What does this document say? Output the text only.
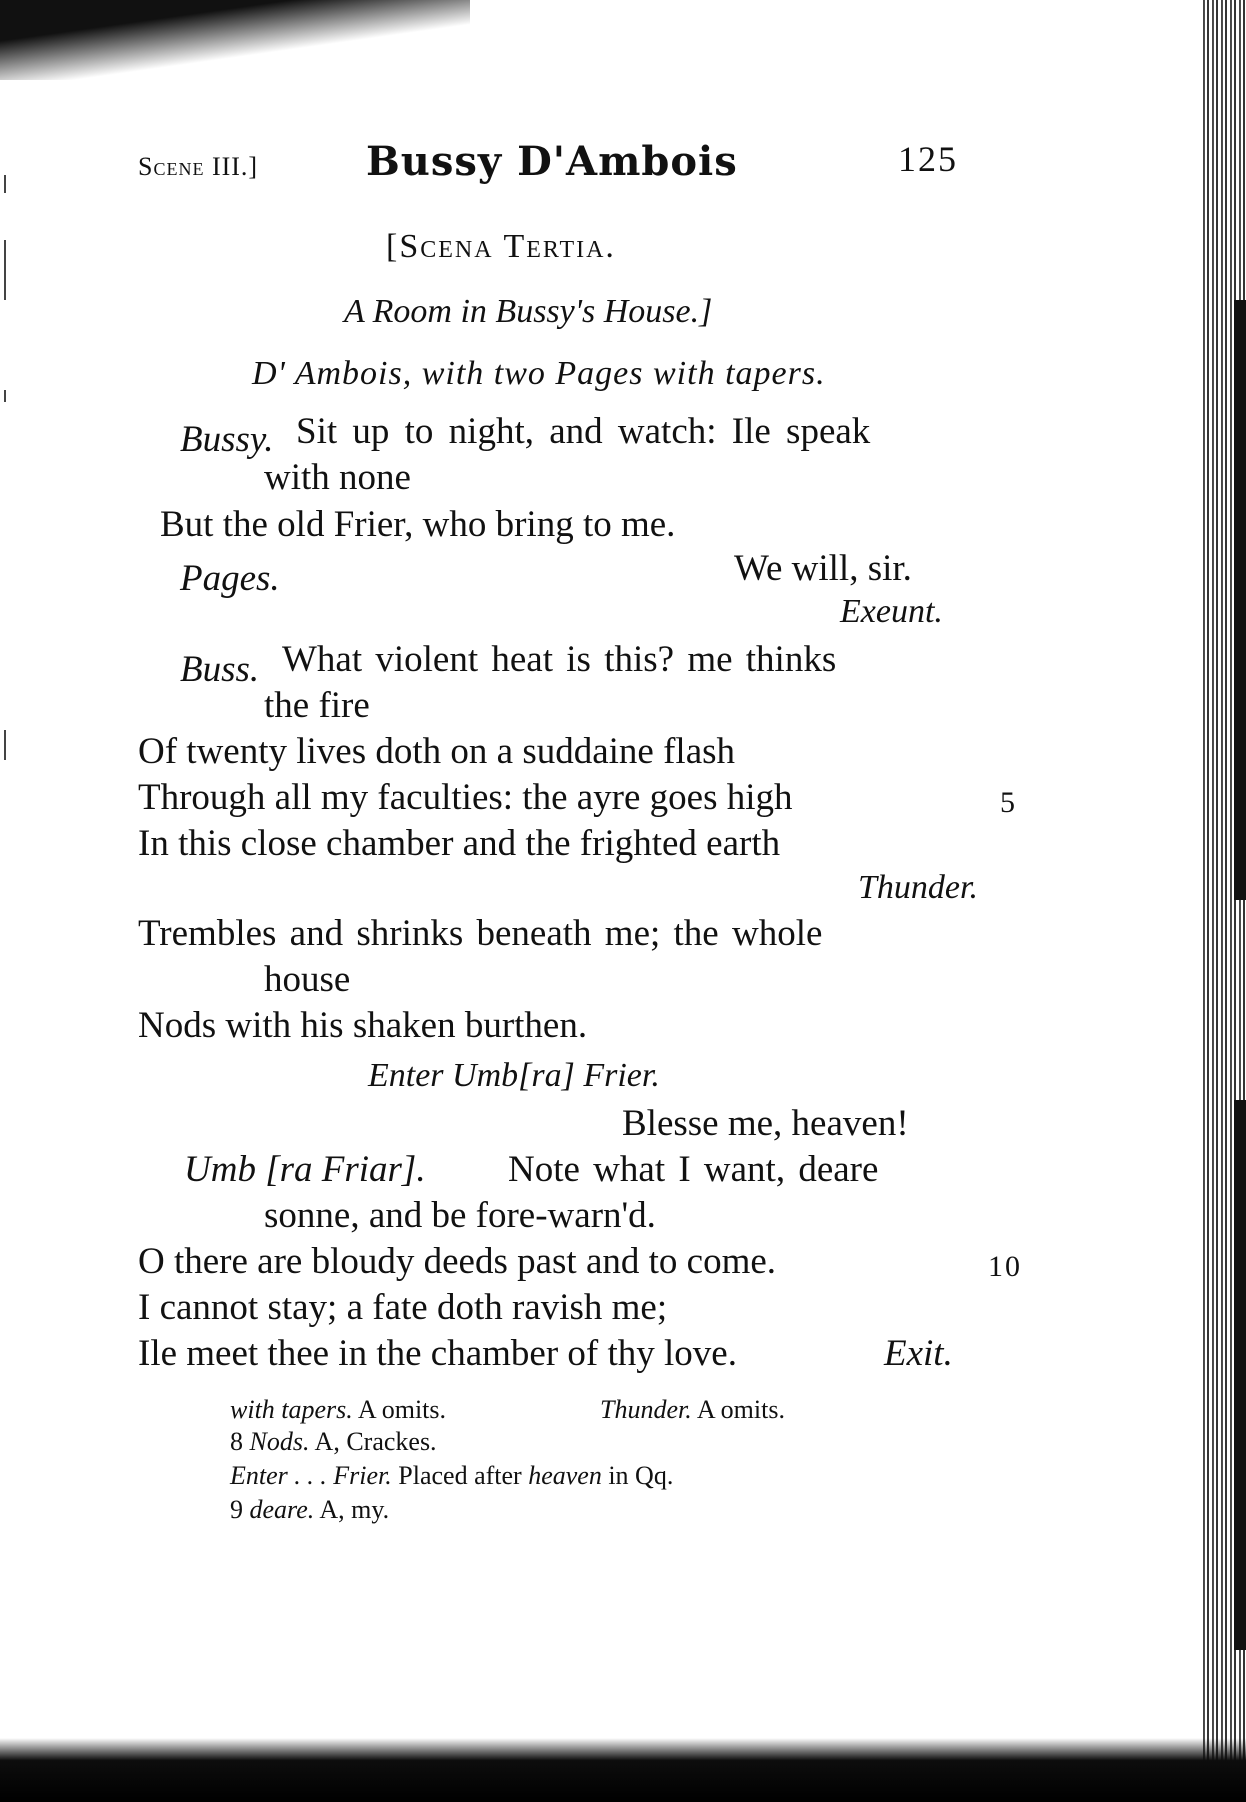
Scene III.]	Bussy D'Ambois	125
[Scena Tertia.
A Room in Bussy's House.]
D' Ambois, with two Pages with tapers.
Bussy. Sit up to night, and watch: Ile speak
with none
But the old Frier, who bring to me.
Pages.	We will, sir.
Exeunt.
Buss. What violent heat is this? me thinks
the fire
Of twenty lives doth on a suddaine flash
Through all my faculties: the ayre goes high	5
In this close chamber and the frighted earth
Thunder.
Trembles and shrinks beneath me; the whole
house
Nods with his shaken burthen.
Enter Umb[ra] Frier.
Blesse me, heaven!
Umb [ra Friar]. Note what I want, deare
sonne, and be fore-warn'd.
O there are bloudy deeds past and to come.	10
I cannot stay; a fate doth ravish me;
Ile meet thee in the chamber of thy love.	Exit.
with tapers. A omits.	Thunder. A omits.
8 Nods. A, Crackes.
Enter . . . Frier. Placed after heaven in Qq.
9 deare. A, my.
